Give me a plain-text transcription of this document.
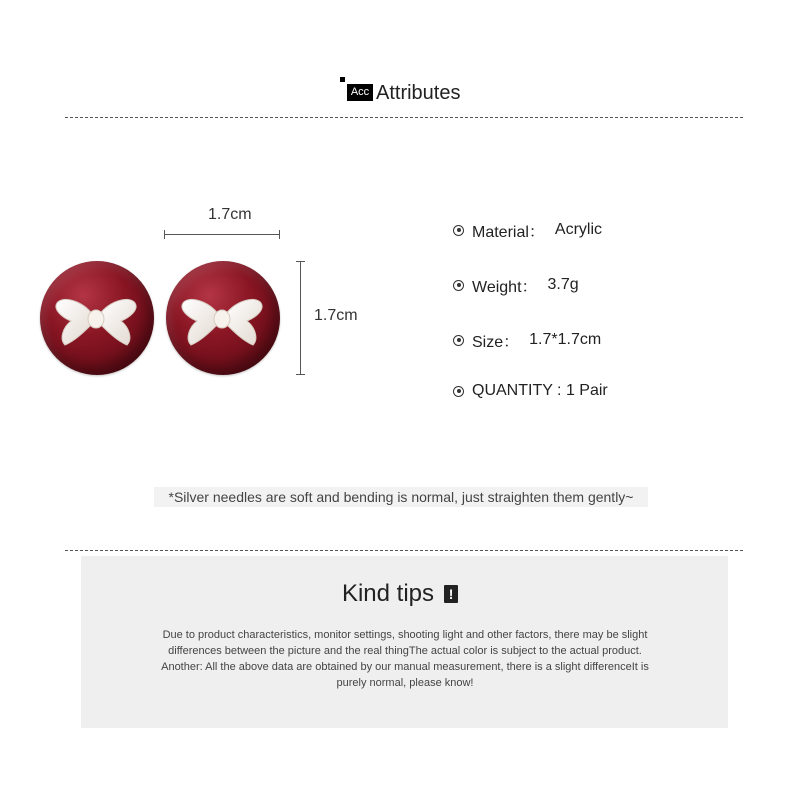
Acc Attributes
1.7cm
1.7cm
Material： Acrylic
Weight： 3.7g
Size： 1.7*1.7cm
QUANTITY : 1 Pair
*Silver needles are soft and bending is normal, just straighten them gently~
Kind tips	!
Due to product characteristics, monitor settings, shooting light and other factors, there may be slight
differences between the picture and the real thingThe actual color is subject to the actual product.
Another: All the above data are obtained by our manual measurement, there is a slight differenceIt is
purely normal, please know!
